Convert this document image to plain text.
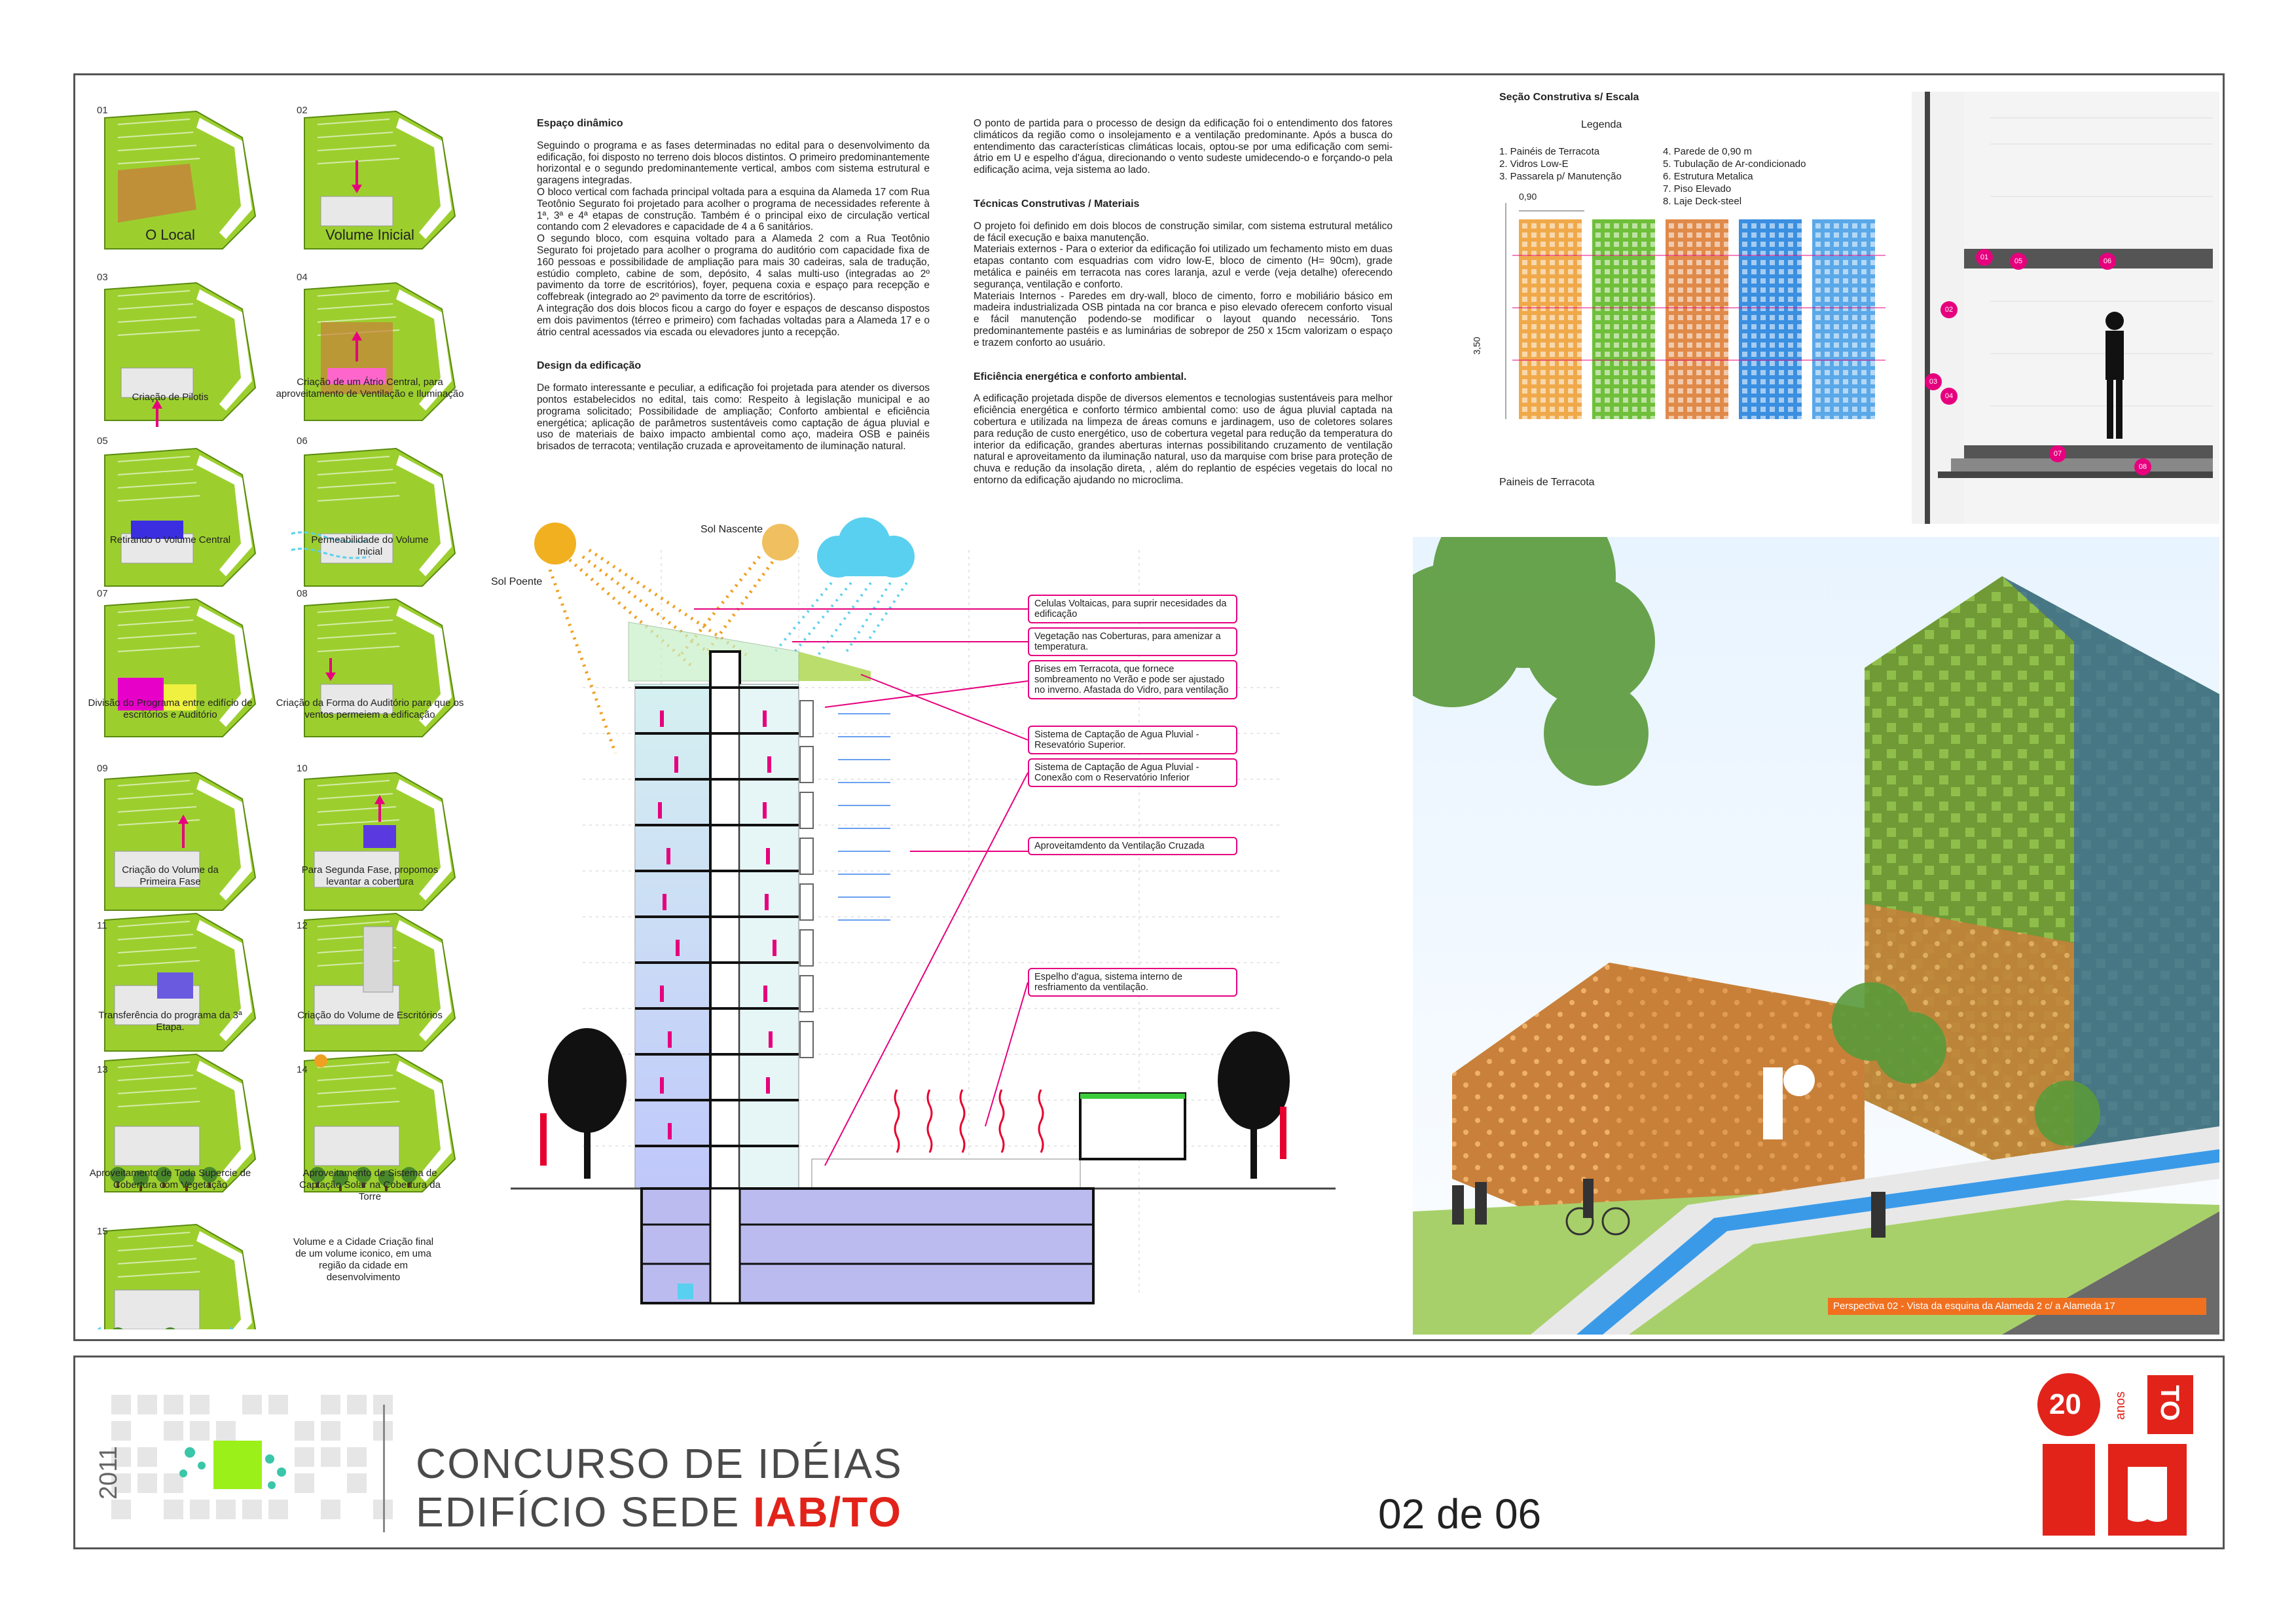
01	02
03	04
05	06
07	08
09	10
11	12
13	14
15
O Local	Volume Inicial
Criação de Pilotis
Criação de um Átrio Central, para aproveitamento de Ventilação e Iluminação
Retirando o Volume Central	Permeabilidade do Volume Inicial
Divisão do Programa entre edifício de escritórios e Auditório
Criação da Forma do Auditório para que os ventos permeiem a edificação
Criação do Volume da Primeira Fase
Para Segunda Fase, propomos levantar a cobertura
Transferência do programa da 3ª Etapa.
Criação do Volume de Escritórios
Aproveitamento de Toda Supercie de Cobertura com Vegetação
Aproveitamento de Sistema de Captação Solar na Cobertura da Torre
Volume e a Cidade Criação final de um volume iconico, em uma região da cidade em desenvolvimento
Espaço dinâmico

Seguindo o programa e as fases determinadas no edital para o desenvolvimento da edificação, foi disposto no terreno dois blocos distintos. O primeiro predominantemente horizontal e o segundo predominantemente vertical, ambos com sistema estrutural e garagens integradas.

O bloco vertical com fachada principal voltada para a esquina da Alameda 17 com Rua Teotônio Segurato foi projetado para acolher o programa de necessidades referente à 1ª, 3ª e 4ª etapas de construção. Também é o principal eixo de circulação vertical contando com 2 elevadores e capacidade de 4 a 6 sanitários.

O segundo bloco, com esquina voltado para a Alameda 2 com a Rua Teotônio Segurato foi projetado para acolher o programa do auditório com capacidade fixa de 160 pessoas e possibilidade de ampliação para mais 30 cadeiras, sala de tradução, estúdio completo, cabine de som, depósito, 4 salas multi-uso (integradas ao 2º pavimento da torre de escritórios), foyer, pequena coxia e espaço para recepção e coffebreak (integrado ao 2º pavimento da torre de escritórios).

A integração dos dois blocos ficou a cargo do foyer e espaços de descanso dispostos em dois pavimentos (térreo e primeiro) com fachadas voltadas para a Alameda 17 e o átrio central acessados via escada ou elevadores junto a recepção.

Design da edificação

De formato interessante e peculiar, a edificação foi projetada para atender os diversos pontos estabelecidos no edital, tais como: Respeito à legislação municipal e ao programa solicitado; Possibilidade de ampliação; Conforto ambiental e eficiência energética; aplicação de parâmetros sustentáveis como captação de água pluvial e uso de materiais de baixo impacto ambiental como aço, madeira OSB e painéis brisados de terracota; ventilação cruzada e aproveitamento de iluminação natural.

O ponto de partida para o processo de design da edificação foi o entendimento dos fatores climáticos da região como o insolejamento e a ventilação predominante. Após a busca do entendimento das características climáticas locais, optou-se por uma edificação com semi-átrio em U e espelho d'água, direcionando o vento sudeste umidecendo-o e forçando-o pela edificação acima, veja sistema ao lado.

Técnicas Construtivas / Materiais

O projeto foi definido em dois blocos de construção similar, com sistema estrutural metálico de fácil execução e baixa manutenção.

Materiais externos - Para o exterior da edificação foi utilizado um fechamento misto em duas etapas contanto com esquadrias com vidro low-E, bloco de cimento (H= 90cm), grade metálica e painéis em terracota nas cores laranja, azul e verde (veja detalhe) oferecendo segurança, ventilação e conforto.

Materiais Internos - Paredes em dry-wall, bloco de cimento, forro e mobiliário básico em madeira industrializada OSB pintada na cor branca e piso elevado oferecem conforto visual e fácil manutenção podendo-se modificar o layout quando necessário. Tons predominantemente pastéis e as luminárias de sobrepor de 250 x 15cm valorizam o espaço e trazem conforto ao usuário.

Eficiência energética e conforto ambiental.

A edificação projetada dispõe de diversos elementos e tecnologias sustentáveis para melhor eficiência energética e conforto térmico ambiental como: uso de água pluvial captada na cobertura e utilizada na limpeza de áreas comuns e jardinagem, uso de coletores solares para redução de custo energético, uso de cobertura vegetal para redução da temperatura do interior da edificação, grandes aberturas internas possibilitando cruzamento de ventilação natural e aproveitamento da iluminação natural, uso da marquise com brise para proteção de chuva e redução da insolação direta, , além do replantio de espécies vegetais do local no entorno da edificação ajudando no microclima.

Sol Poente
Sol Nascente
Celulas Voltaicas, para suprir necesidades da edificação
Vegetação nas Coberturas, para amenizar a temperatura.
Brises em Terracota, que fornece sombreamento no Verão e pode ser ajustado no inverno. Afastada do Vidro, para ventilação
Sistema de Captação de Agua Pluvial - Resevatório Superior.
Sistema de Captação de Agua Pluvial - Conexão com o Reservatório Inferior
Aproveitamdento da Ventilação Cruzada
Espelho d'agua, sistema interno de resfriamento da ventilação.
Seção Construtiva s/ Escala
Legenda
1. Painéis de Terracota
2. Vidros Low-E
3. Passarela p/ Manutenção
4. Parede de 0,90 m
5. Tubulação de Ar-condicionado
6. Estrutura Metalica
7. Piso Elevado
8. Laje Deck-steel
0,90
3,50
Paineis de Terracota
01
02
03
04
05	06
07
08
Perspectiva 02 - Vista da esquina da Alameda 2 c/ a Alameda 17
2011	CONCURSO DE IDÉIAS
EDIFÍCIO SEDE IAB/TO	02 de 06
20 anos TO
